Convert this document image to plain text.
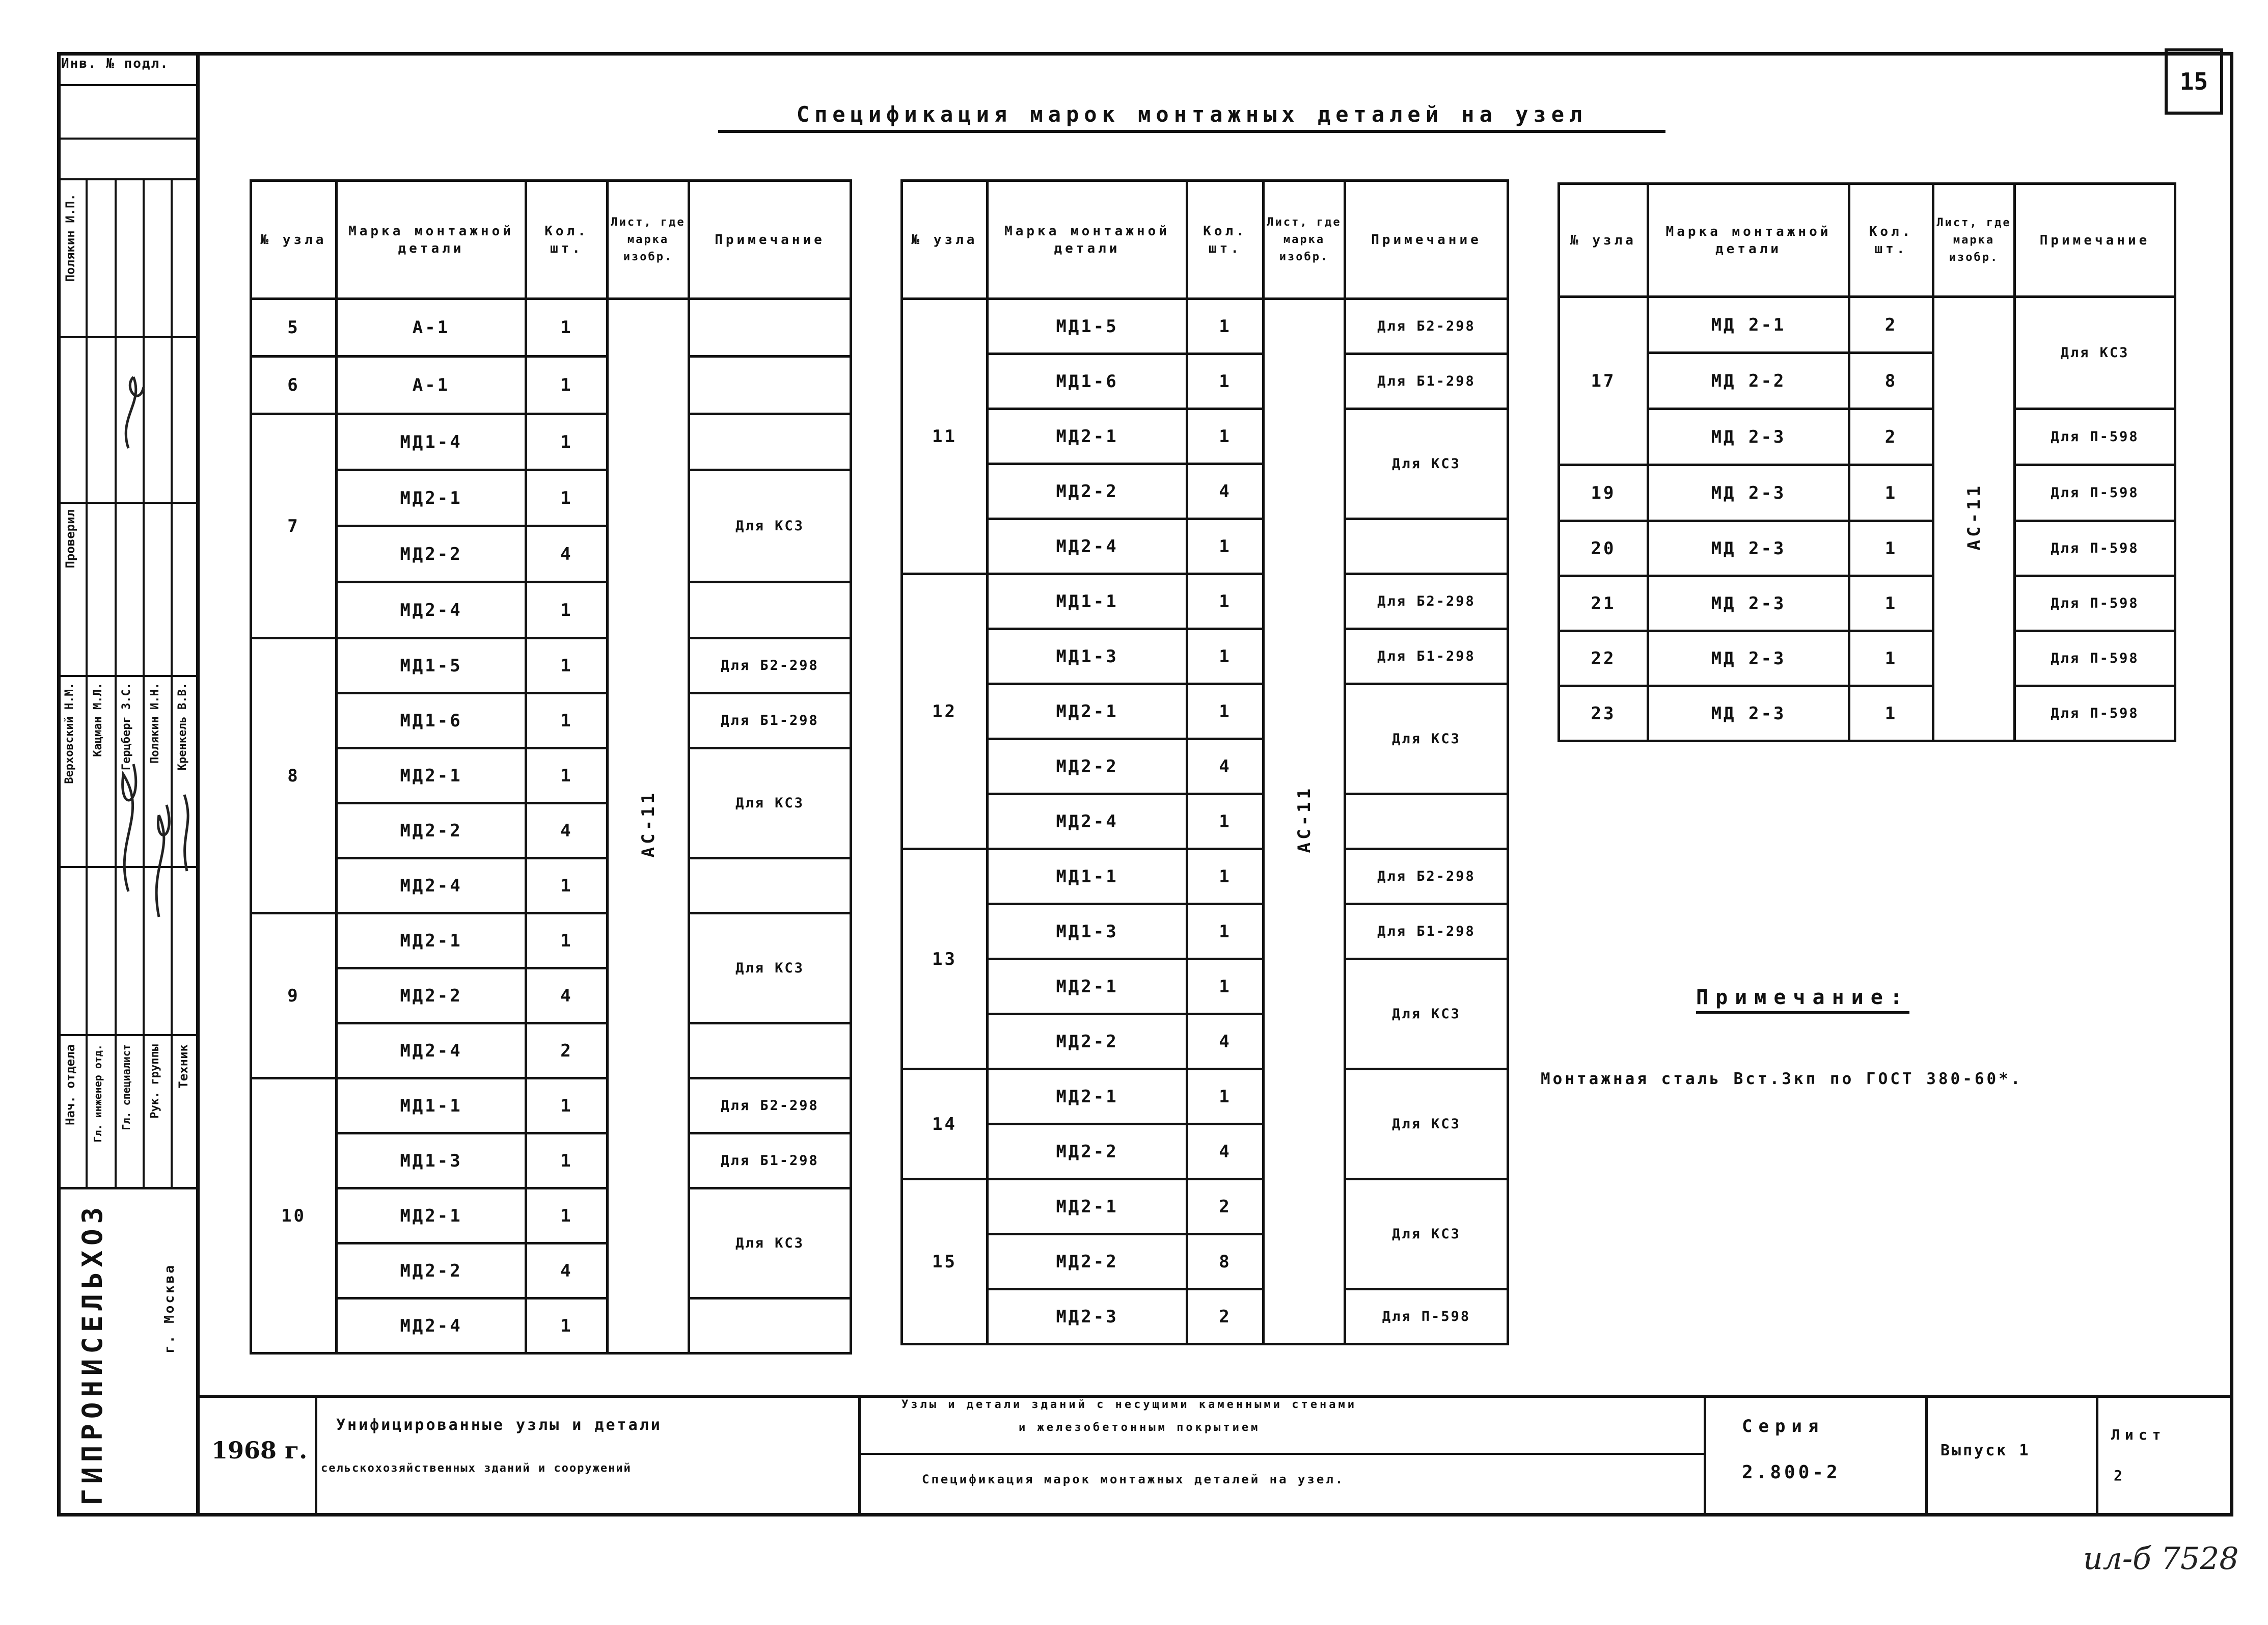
15
Спецификация марок монтажных деталей на узел
№ узла	Марка монтажной детали	Кол. шт.	Лист, где марка изобр.	Примечание
5	А-1	1	АС-11	
6	А-1	1		
7	МД1-4	1		
	МД2-1	1		Для КС3
	МД2-2	4		
	МД2-4	1		
8	МД1-5	1		Для Б2-298
	МД1-6	1		Для Б1-298
	МД2-1	1		Для КС3
	МД2-2	4		
	МД2-4	1		
9	МД2-1	1		Для КС3
	МД2-2	4		
	МД2-4	2		
10	МД1-1	1		Для Б2-298
	МД1-3	1		Для Б1-298
	МД2-1	1		Для КС3
	МД2-2	4		
	МД2-4	1		
№ узла	Марка монтажной детали	Кол. шт.	Лист, где марка изобр.	Примечание
11	МД1-5	1	АС-11	Для Б2-298
	МД1-6	1		Для Б1-298
	МД2-1	1		Для КС3
	МД2-2	4		
	МД2-4	1		
12	МД1-1	1		Для Б2-298
	МД1-3	1		Для Б1-298
	МД2-1	1		Для КС3
	МД2-2	4		
	МД2-4	1		
13	МД1-1	1		Для Б2-298
	МД1-3	1		Для Б1-298
	МД2-1	1		Для КС3
	МД2-2	4		
14	МД2-1	1		Для КС3
	МД2-2	4		
15	МД2-1	2		Для КС3
	МД2-2	8		
	МД2-3	2		Для П-598
№ узла	Марка монтажной детали	Кол. шт.	Лист, где марка изобр.	Примечание
17	МД 2-1	2	АС-11	Для КС3
	МД 2-2	8		
	МД 2-3	2		Для П-598
19	МД 2-3	1		Для П-598
20	МД 2-3	1		Для П-598
21	МД 2-3	1		Для П-598
22	МД 2-3	1		Для П-598
23	МД 2-3	1		Для П-598
Примечание:
Монтажная сталь Вст.3кп по ГОСТ 380-60*.
1968 г.
Унифицированные узлы и детали
сельскохозяйственных зданий и сооружений
Узлы и детали зданий с несущими каменными стенами
и железобетонным покрытием
Спецификация марок монтажных деталей на узел.
Серия
2.800-2
Выпуск 1
Лист
2
Инв. № подл.
Нач. отдела Гл. инженер отд. Гл. специалист Рук. группы Техник
Верховский Н.М. Кацман М.Л. Герцберг З.С. Полякин И.Н. Кренкель В.В.
Проверил
Полякин И.П.
ГИПРОНИСЕЛЬХОЗ	г. Москва
ил-б 7528
